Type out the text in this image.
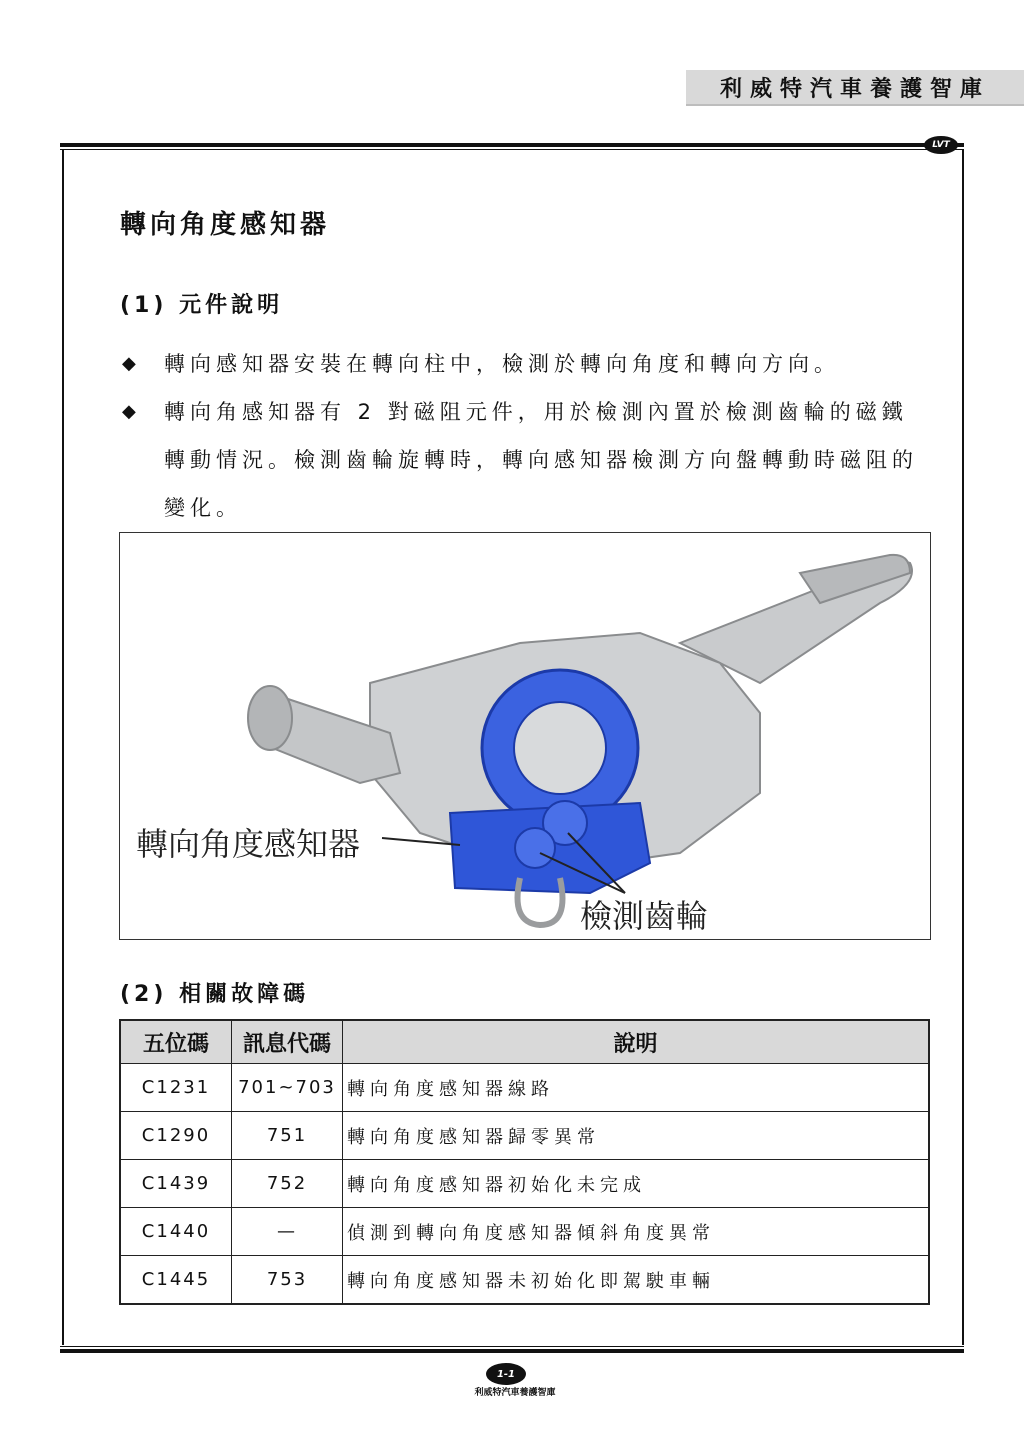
利威特汽車養護智庫
LVT
轉向角度感知器
(1) 元件說明
◆	轉向感知器安裝在轉向柱中，檢測於轉向角度和轉向方向。
◆	轉向角感知器有 2 對磁阻元件，用於檢測內置於檢測齒輪的磁鐵轉動情況。檢測齒輪旋轉時，轉向感知器檢測方向盤轉動時磁阻的變化。
轉向角度感知器
檢測齒輪
(2) 相關故障碼
五位碼	訊息代碼	說明
C1231	701~703	轉向角度感知器線路
C1290	751	轉向角度感知器歸零異常
C1439	752	轉向角度感知器初始化未完成
C1440	—	偵測到轉向角度感知器傾斜角度異常
C1445	753	轉向角度感知器未初始化即駕駛車輛
1-1
利威特汽車養護智庫
